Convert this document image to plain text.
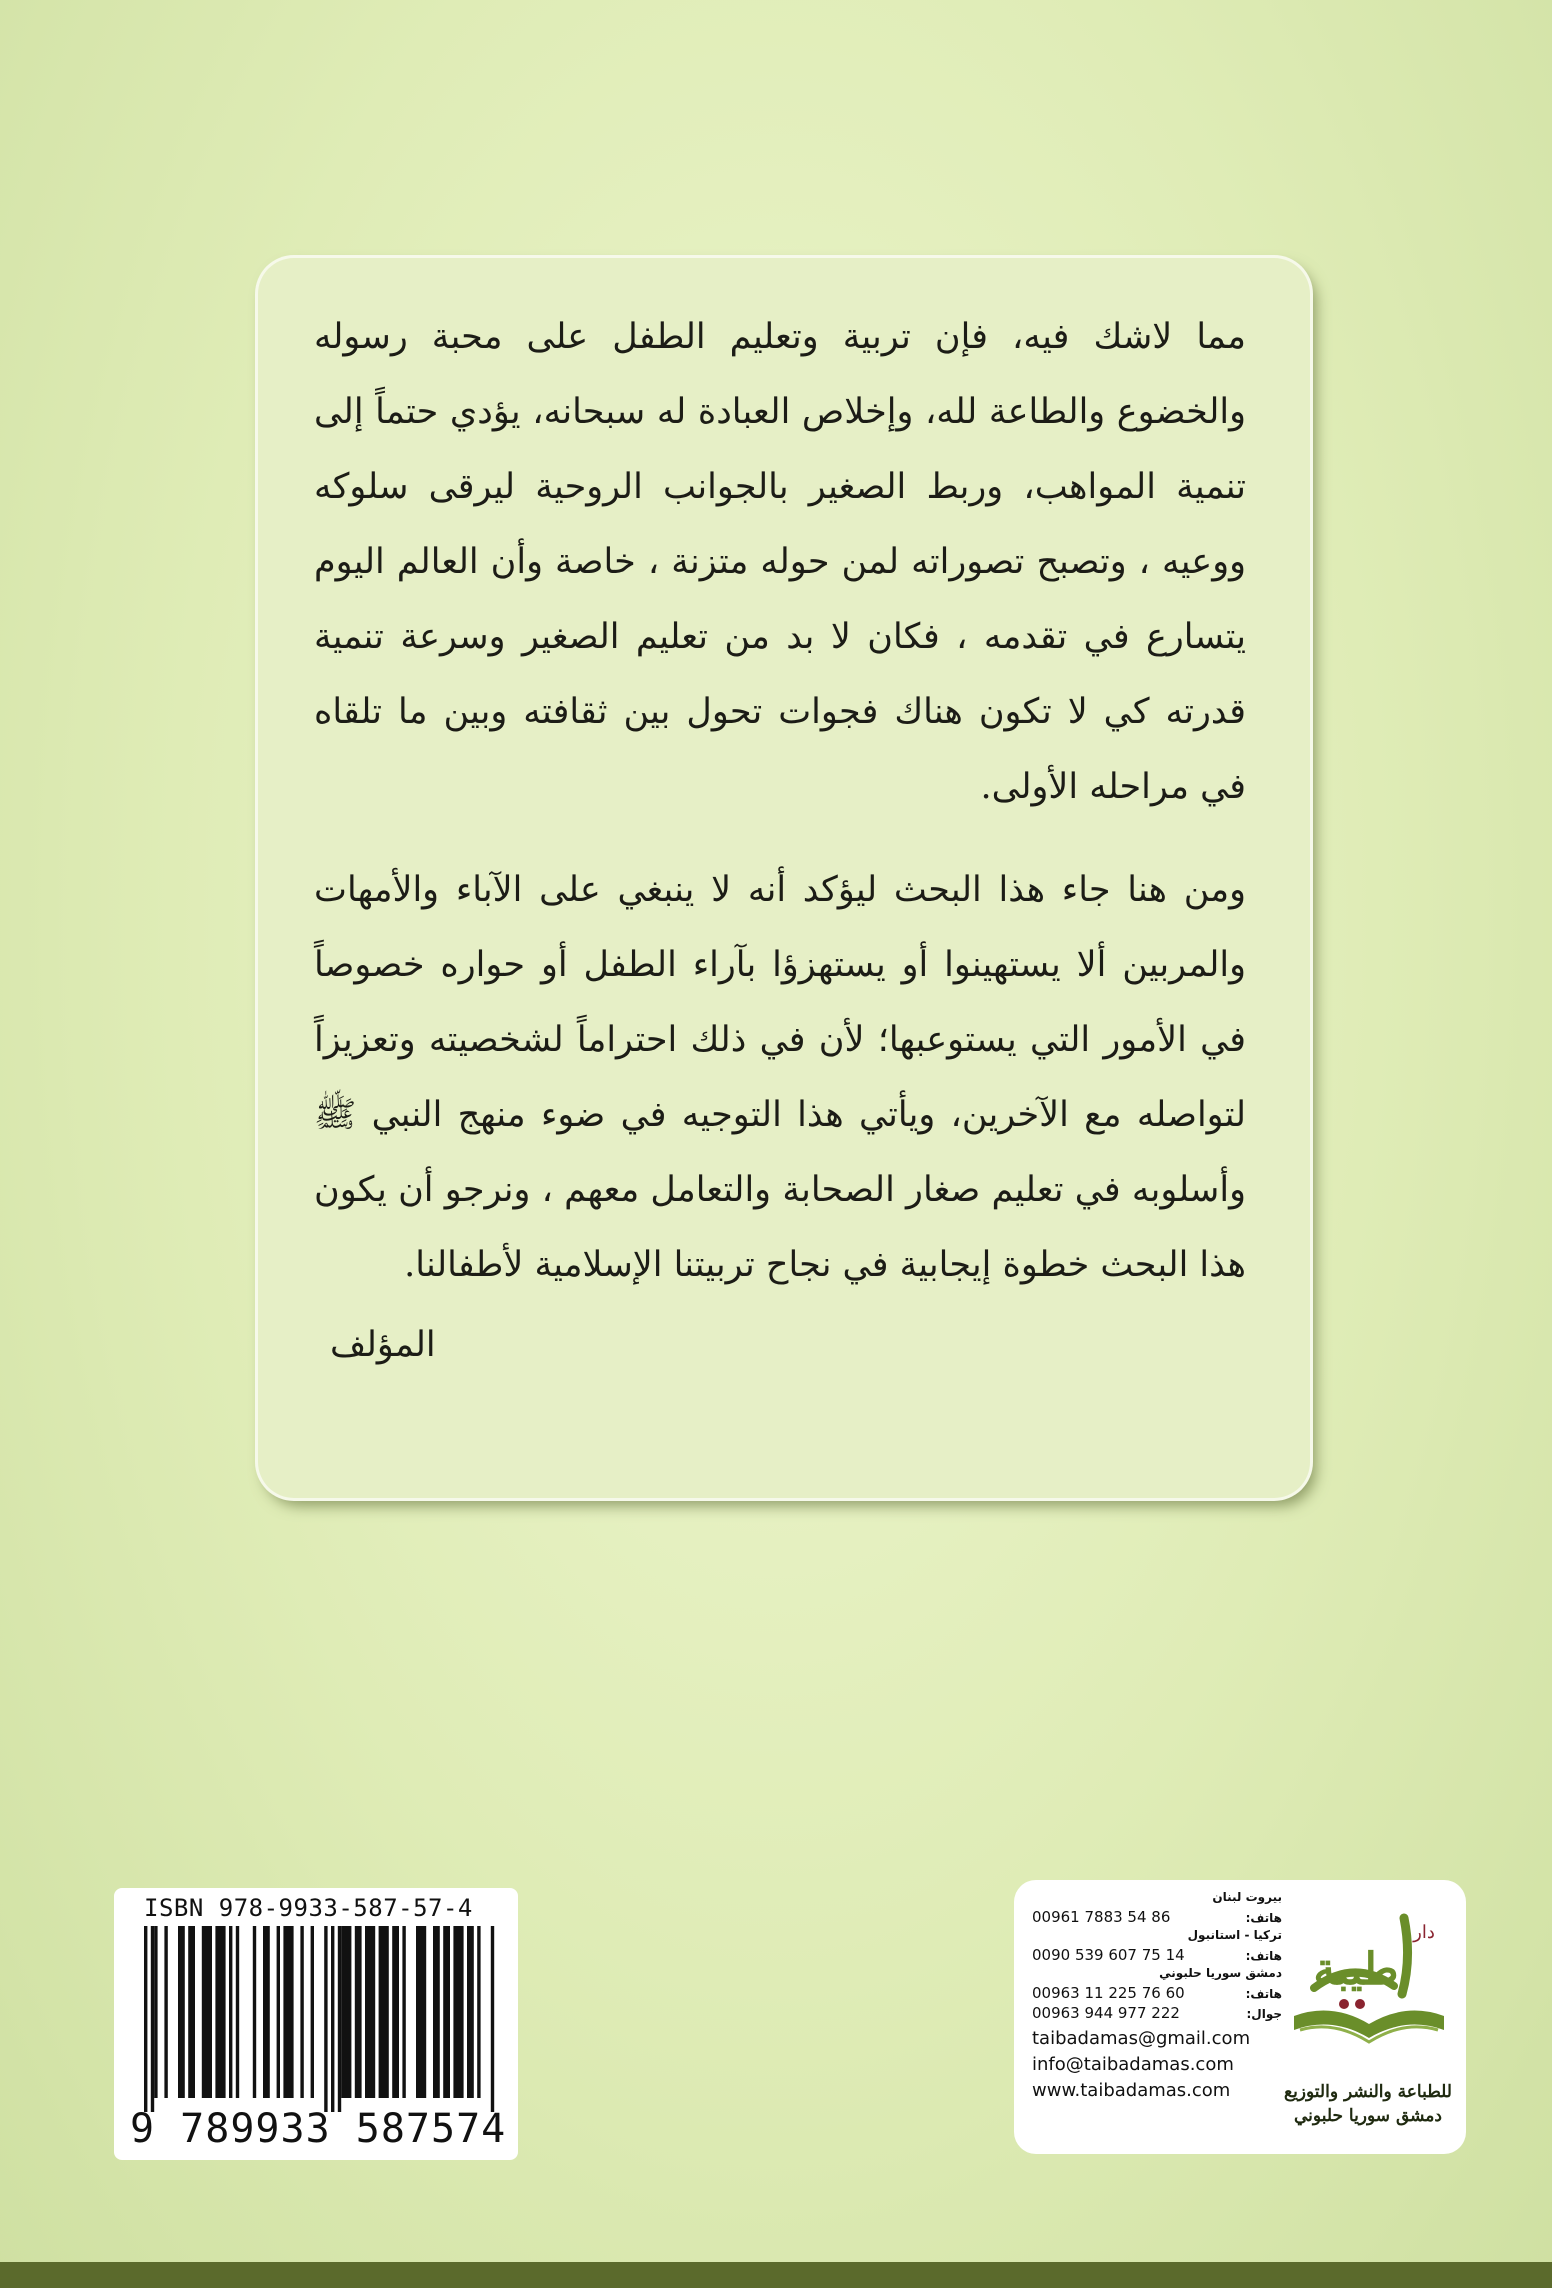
مما لاشك فيه، فإن تربية وتعليم الطفل على محبة رسوله والخضوع والطاعة لله، وإخلاص العبادة له سبحانه، يؤدي حتماً إلى تنمية المواهب، وربط الصغير بالجوانب الروحية ليرقى سلوكه ووعيه ، وتصبح تصوراته لمن حوله متزنة ، خاصة وأن العالم اليوم يتسارع في تقدمه ، فكان لا بد من تعليم الصغير وسرعة تنمية قدرته كي لا تكون هناك فجوات تحول بين ثقافته وبين ما تلقاه في مراحله الأولى.

ومن هنا جاء هذا البحث ليؤكد أنه لا ينبغي على الآباء والأمهات والمربين ألا يستهينوا أو يستهزؤا بآراء الطفل أو حواره خصوصاً في الأمور التي يستوعبها؛ لأن في ذلك احتراماً لشخصيته وتعزيزاً لتواصله مع الآخرين، ويأتي هذا التوجيه في ضوء منهج النبي ﷺ وأسلوبه في تعليم صغار الصحابة والتعامل معهم ، ونرجو أن يكون هذا البحث خطوة إيجابية في نجاح تربيتنا الإسلامية لأطفالنا.

المؤلف
ISBN 978-9933-587-57-4
9 789933 587574
بيروت لبنان
00961 7883 54 86	هاتف:
تركيا - استانبول
0090 539 607 75 14	هاتف:
دمشق سوريا حلبوني
00963 11 225 76 60	هاتف:
00963 944 977 222	جوال:
taibadamas@gmail.com
info@taibadamas.com
www.taibadamas.com
طيبة
دار
للطباعة والنشر والتوزيع
دمشق سوريا حلبوني
